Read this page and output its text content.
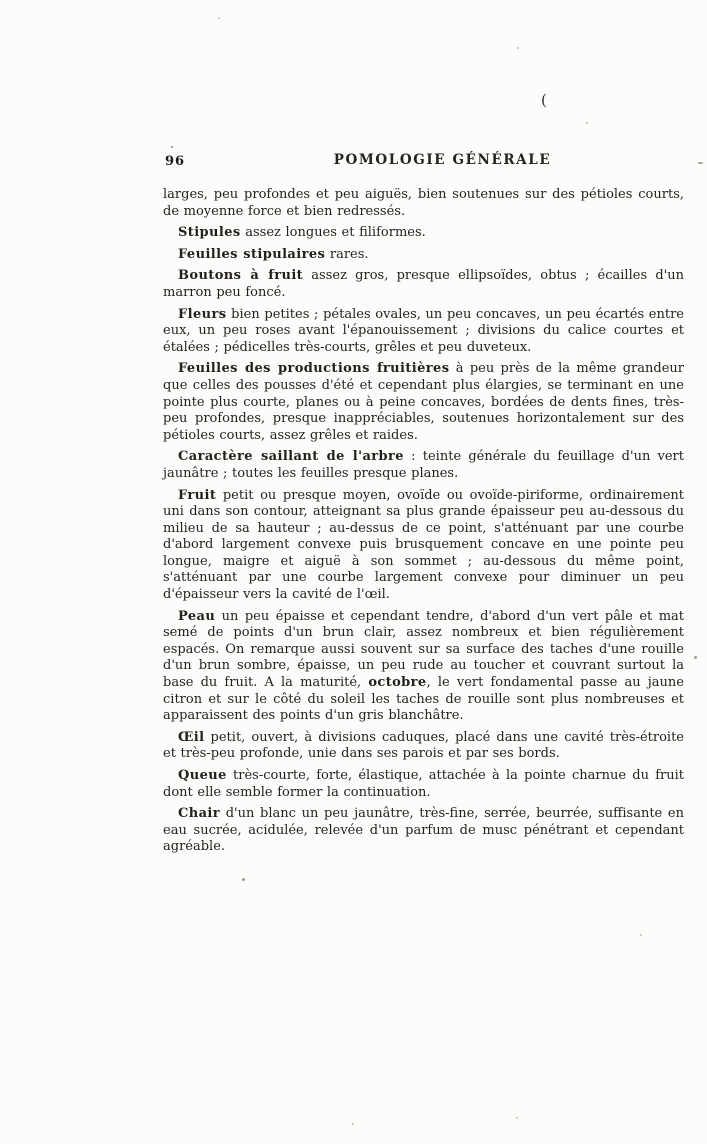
(
96	POMOLOGIE GÉNÉRALE

larges, peu profondes et peu aiguës, bien soutenues sur des pétioles courts, de moyenne force et bien redressés.

Stipules assez longues et filiformes.

Feuilles stipulaires rares.

Boutons à fruit assez gros, presque ellipsoïdes, obtus ; écailles d'un marron peu foncé.

Fleurs bien petites ; pétales ovales, un peu concaves, un peu écartés entre eux, un peu roses avant l'épanouissement ; divisions du calice courtes et étalées ; pédicelles très-courts, grêles et peu duveteux.

Feuilles des productions fruitières à peu près de la même grandeur que celles des pousses d'été et cependant plus élargies, se terminant en une pointe plus courte, planes ou à peine concaves, bordées de dents fines, très-peu profondes, presque inappréciables, soutenues horizontalement sur des pétioles courts, assez grêles et raides.

Caractère saillant de l'arbre : teinte générale du feuillage d'un vert jaunâtre ; toutes les feuilles presque planes.

Fruit petit ou presque moyen, ovoïde ou ovoïde-piriforme, ordinairement uni dans son contour, atteignant sa plus grande épaisseur peu au-dessous du milieu de sa hauteur ; au-dessus de ce point, s'atténuant par une courbe d'abord largement convexe puis brusquement concave en une pointe peu longue, maigre et aiguë à son sommet ; au-dessous du même point, s'atténuant par une courbe largement convexe pour diminuer un peu d'épaisseur vers la cavité de l'œil.

Peau un peu épaisse et cependant tendre, d'abord d'un vert pâle et mat semé de points d'un brun clair, assez nombreux et bien régulièrement espacés. On remarque aussi souvent sur sa surface des taches d'une rouille d'un brun sombre, épaisse, un peu rude au toucher et couvrant surtout la base du fruit. A la maturité, octobre, le vert fondamental passe au jaune citron et sur le côté du soleil les taches de rouille sont plus nombreuses et apparaissent des points d'un gris blanchâtre.

Œil petit, ouvert, à divisions caduques, placé dans une cavité très-étroite et très-peu profonde, unie dans ses parois et par ses bords.

Queue très-courte, forte, élastique, attachée à la pointe charnue du fruit dont elle semble former la continuation.

Chair d'un blanc un peu jaunâtre, très-fine, serrée, beurrée, suffisante en eau sucrée, acidulée, relevée d'un parfum de musc pénétrant et cependant agréable.
